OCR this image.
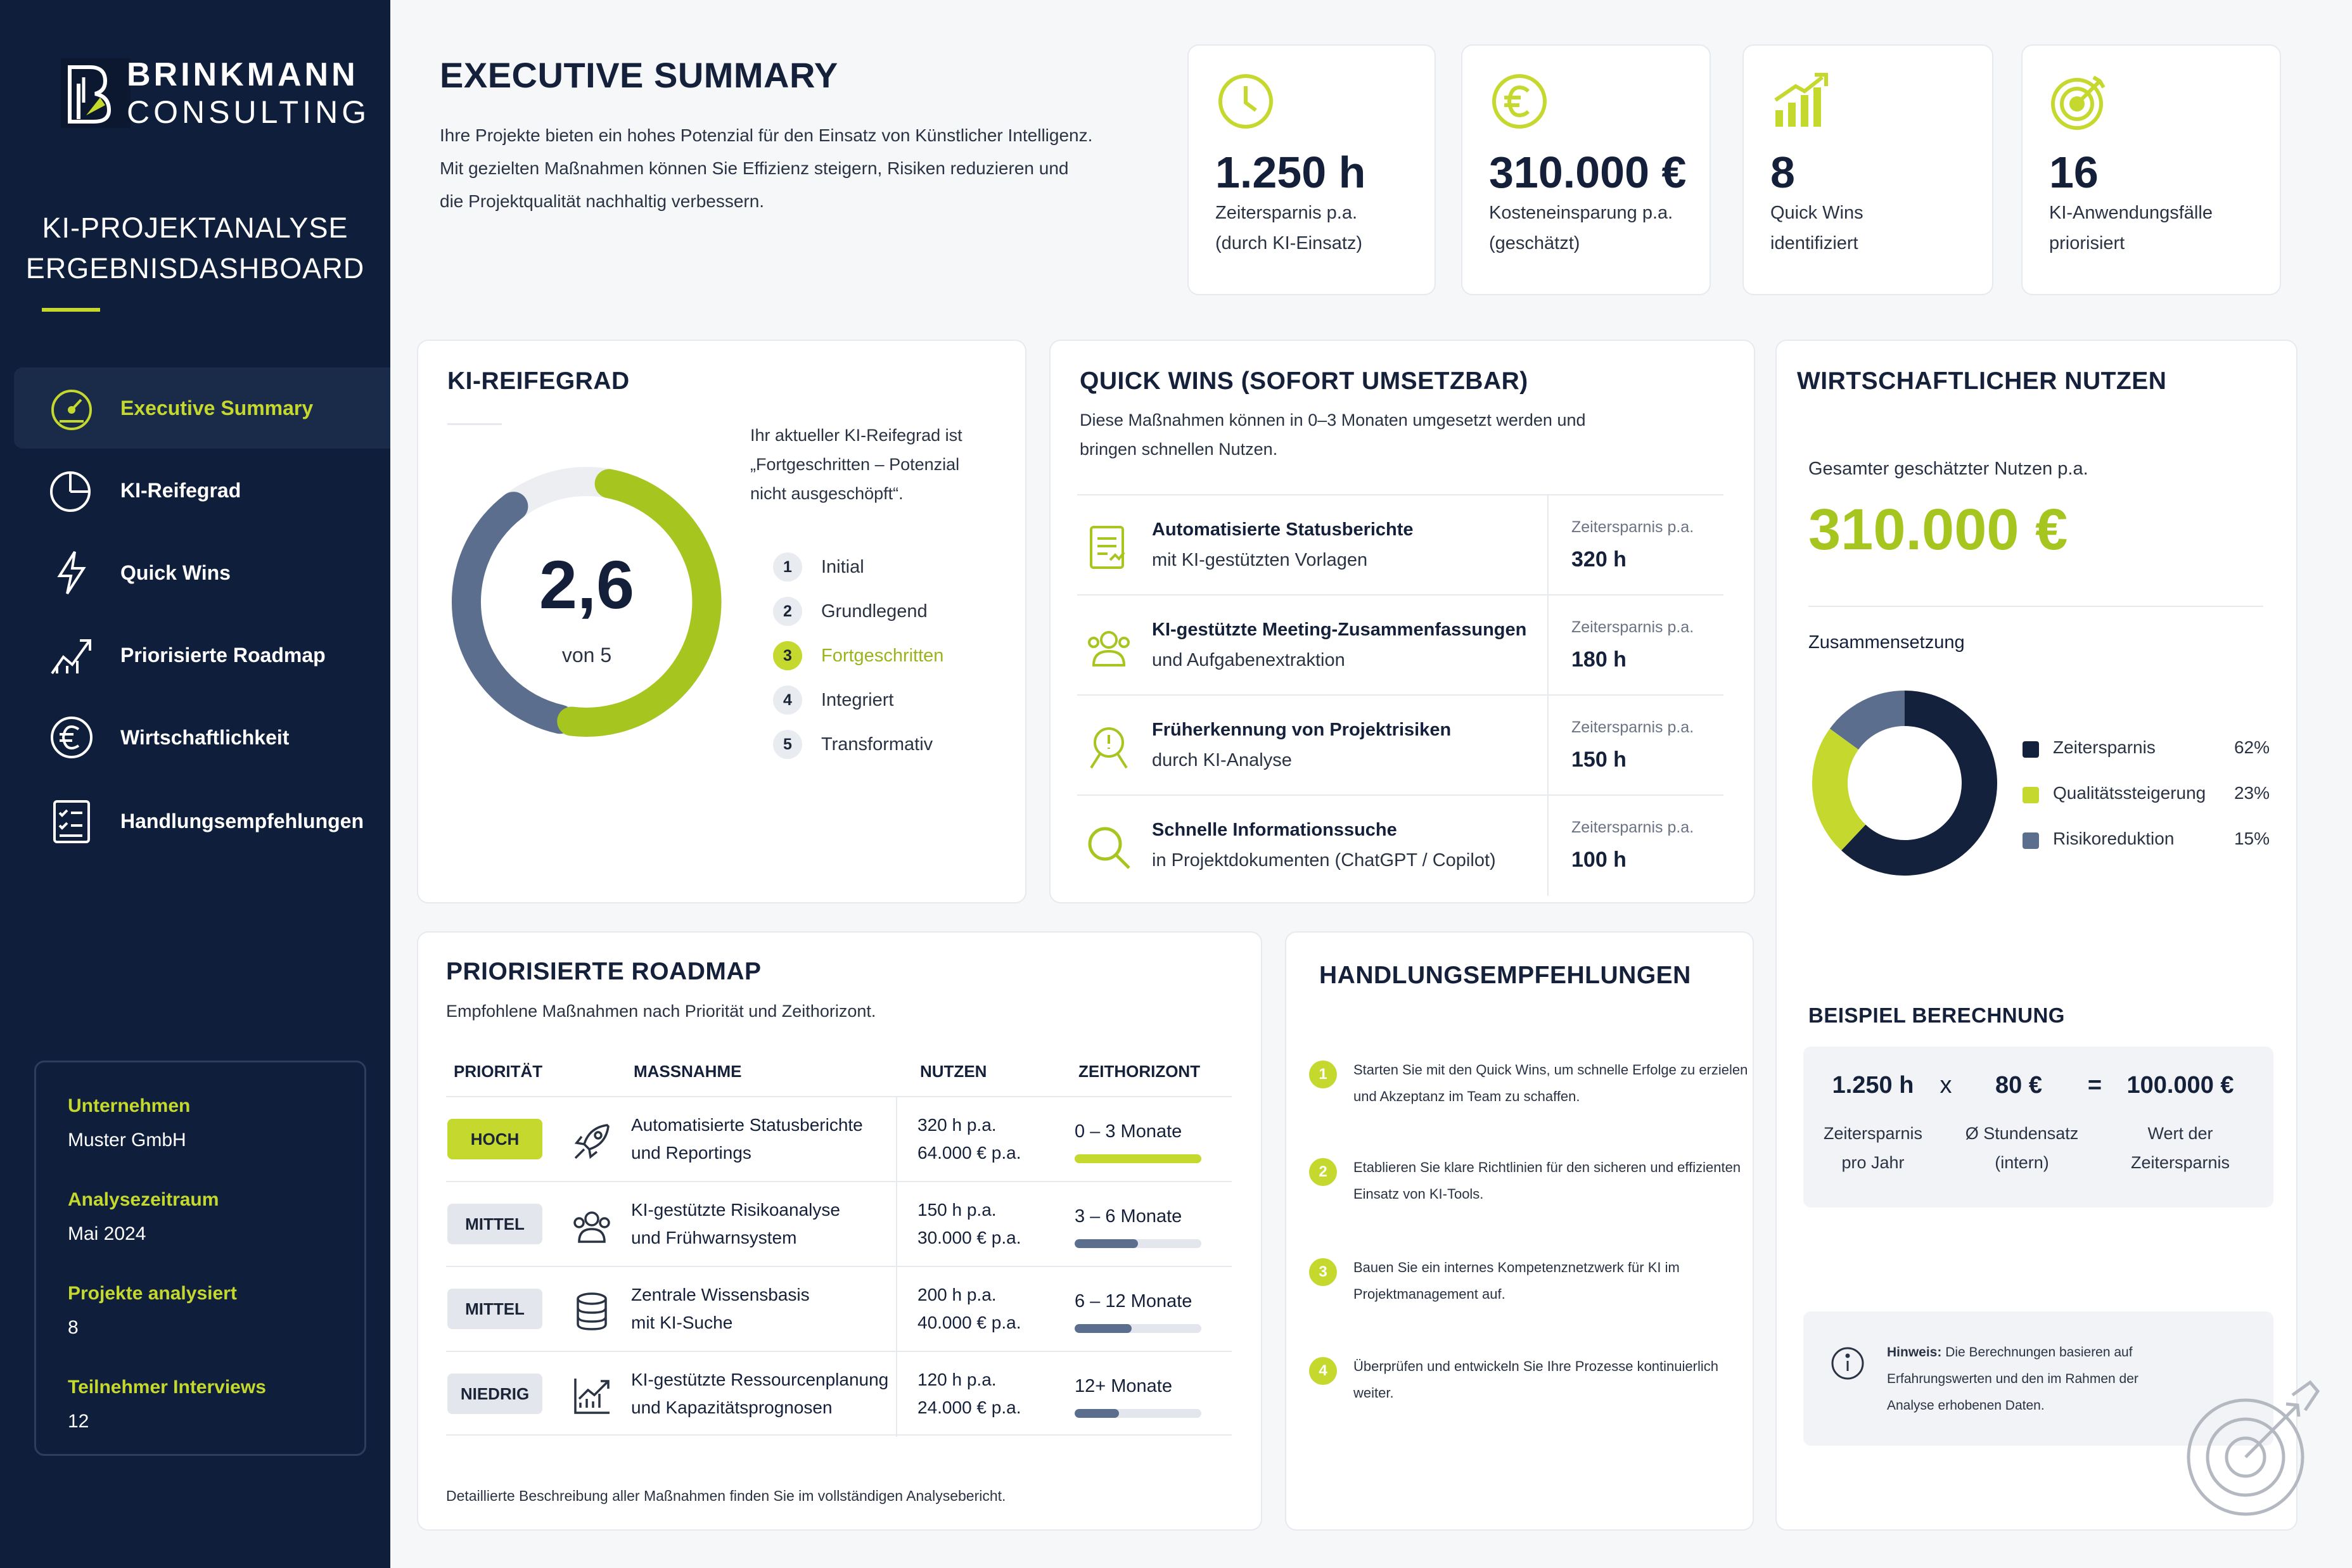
BRINKMANN
CONSULTING
KI-PROJEKTANALYSE
ERGEBNISDASHBOARD
Executive Summary
KI-Reifegrad
Quick Wins
Priorisierte Roadmap
Wirtschaftlichkeit
Handlungsempfehlungen
Unternehmen
Muster GmbH
Analysezeitraum
Mai 2024
Projekte analysiert
8
Teilnehmer Interviews
12
EXECUTIVE SUMMARY
Ihre Projekte bieten ein hohes Potenzial für den Einsatz von Künstlicher Intelligenz.
Mit gezielten Maßnahmen können Sie Effizienz steigern, Risiken reduzieren und
die Projektqualität nachhaltig verbessern.
1.250 h
Zeitersparnis p.a.
(durch KI-Einsatz)
310.000 €
Kosteneinsparung p.a.
(geschätzt)
8
Quick Wins
identifiziert
16
KI-Anwendungsfälle
priorisiert
KI-REIFEGRAD
2,6
von 5
Ihr aktueller KI-Reifegrad ist
„Fortgeschritten – Potenzial
nicht ausgeschöpft“.
1	Initial
2	Grundlegend
3	Fortgeschritten
4	Integriert
5	Transformativ
QUICK WINS (SOFORT UMSETZBAR)
Diese Maßnahmen können in 0–3 Monaten umgesetzt werden und
bringen schnellen Nutzen.
Automatisierte Statusberichte
mit KI-gestützten Vorlagen
Zeitersparnis p.a.
320 h
KI-gestützte Meeting-Zusammenfassungen
und Aufgabenextraktion
Zeitersparnis p.a.
180 h
Früherkennung von Projektrisiken
durch KI-Analyse
Zeitersparnis p.a.
150 h
Schnelle Informationssuche
in Projektdokumenten (ChatGPT / Copilot)
Zeitersparnis p.a.
100 h
WIRTSCHAFTLICHER NUTZEN
Gesamter geschätzter Nutzen p.a.
310.000 €
Zusammensetzung
Zeitersparnis	62%
Qualitätssteigerung 23%
Risikoreduktion	15%
BEISPIEL BERECHNUNG
1.250 h	x	80 €	=	100.000 €
Zeitersparnis
pro Jahr
Ø Stundensatz
(intern)
Wert der
Zeitersparnis
Hinweis: Die Berechnungen basieren auf
Erfahrungswerten und den im Rahmen der
Analyse erhobenen Daten.
PRIORISIERTE ROADMAP
Empfohlene Maßnahmen nach Priorität und Zeithorizont.
PRIORITÄT	MASSNAHME	NUTZEN	ZEITHORIZONT
HOCH
Automatisierte Statusberichte
und Reportings
320 h p.a.
64.000 € p.a.
0 – 3 Monate
MITTEL
KI-gestützte Risikoanalyse
und Frühwarnsystem
150 h p.a.
30.000 € p.a.
3 – 6 Monate
MITTEL
Zentrale Wissensbasis
mit KI-Suche
200 h p.a.
40.000 € p.a.
6 – 12 Monate
NIEDRIG
KI-gestützte Ressourcenplanung
und Kapazitätsprognosen
120 h p.a.
24.000 € p.a.
12+ Monate
Detaillierte Beschreibung aller Maßnahmen finden Sie im vollständigen Analysebericht.
HANDLUNGSEMPFEHLUNGEN
1	Starten Sie mit den Quick Wins, um schnelle Erfolge zu erzielen
und Akzeptanz im Team zu schaffen.
2	Etablieren Sie klare Richtlinien für den sicheren und effizienten
Einsatz von KI-Tools.
3	Bauen Sie ein internes Kompetenznetzwerk für KI im
Projektmanagement auf.
4	Überprüfen und entwickeln Sie Ihre Prozesse kontinuierlich
weiter.
